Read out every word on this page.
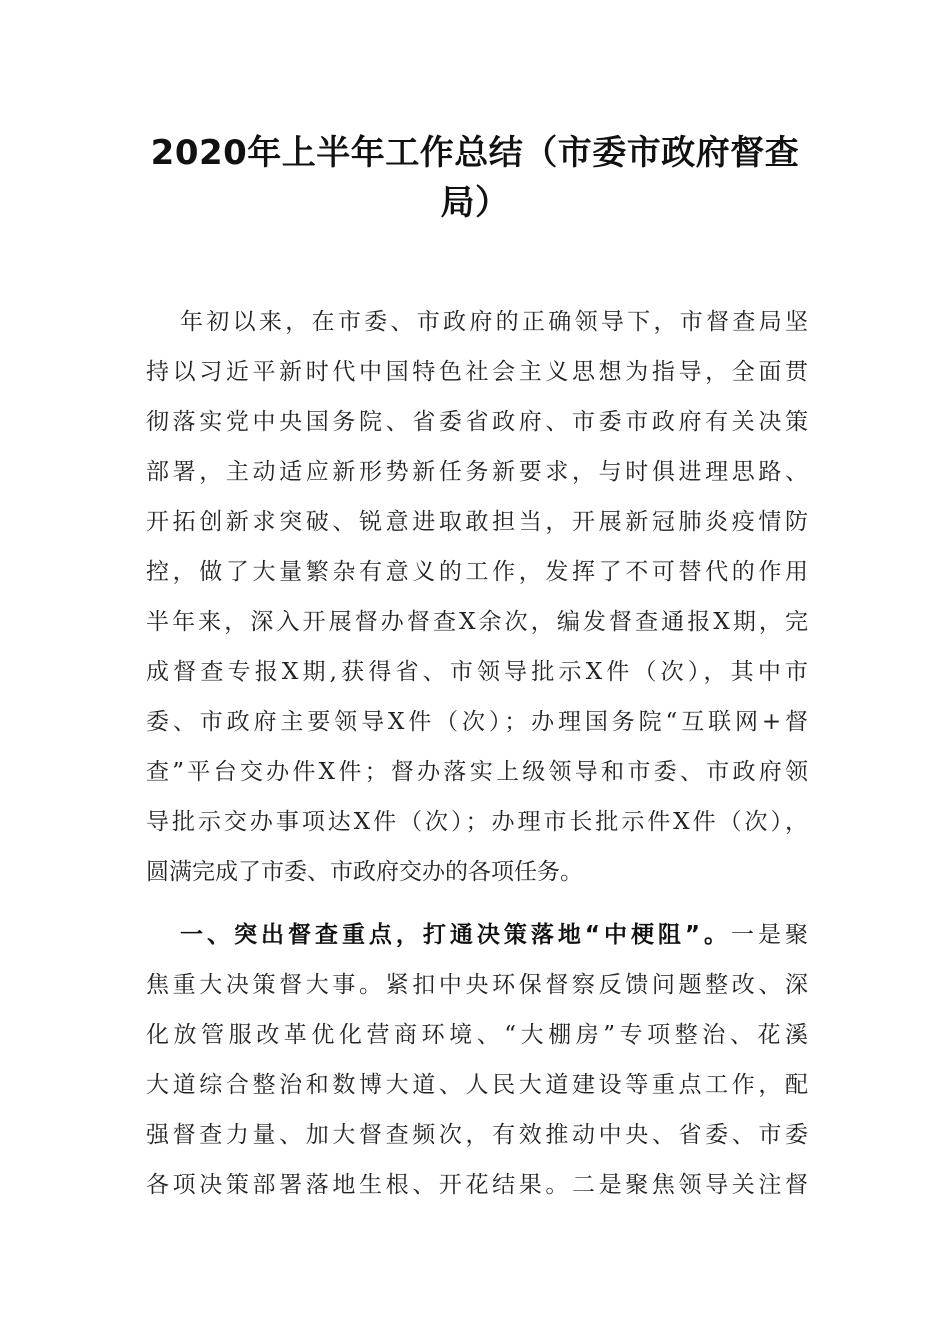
2020年上半年工作总结（市委市政府督查
局）
年初以来，在市委、市政府的正确领导下，市督查局坚
持以习近平新时代中国特色社会主义思想为指导，全面贯
彻落实党中央国务院、省委省政府、市委市政府有关决策
部署，主动适应新形势新任务新要求，与时俱进理思路、
开拓创新求突破、锐意进取敢担当，开展新冠肺炎疫情防
控，做了大量繁杂有意义的工作，发挥了不可替代的作用
半年来，深入开展督办督查X余次，编发督查通报X期，完
成督查专报X期,获得省、市领导批示X件（次），其中市
委、市政府主要领导X件（次）；办理国务院“互联网+督
查”平台交办件X件；督办落实上级领导和市委、市政府领
导批示交办事项达X件（次）；办理市长批示件X件（次），
圆满完成了市委、市政府交办的各项任务。
一、突出督查重点，打通决策落地“中梗阻”。一是聚
焦重大决策督大事。紧扣中央环保督察反馈问题整改、深
化放管服改革优化营商环境、“大棚房”专项整治、花溪
大道综合整治和数博大道、人民大道建设等重点工作，配
强督查力量、加大督查频次，有效推动中央、省委、市委
各项决策部署落地生根、开花结果。二是聚焦领导关注督
